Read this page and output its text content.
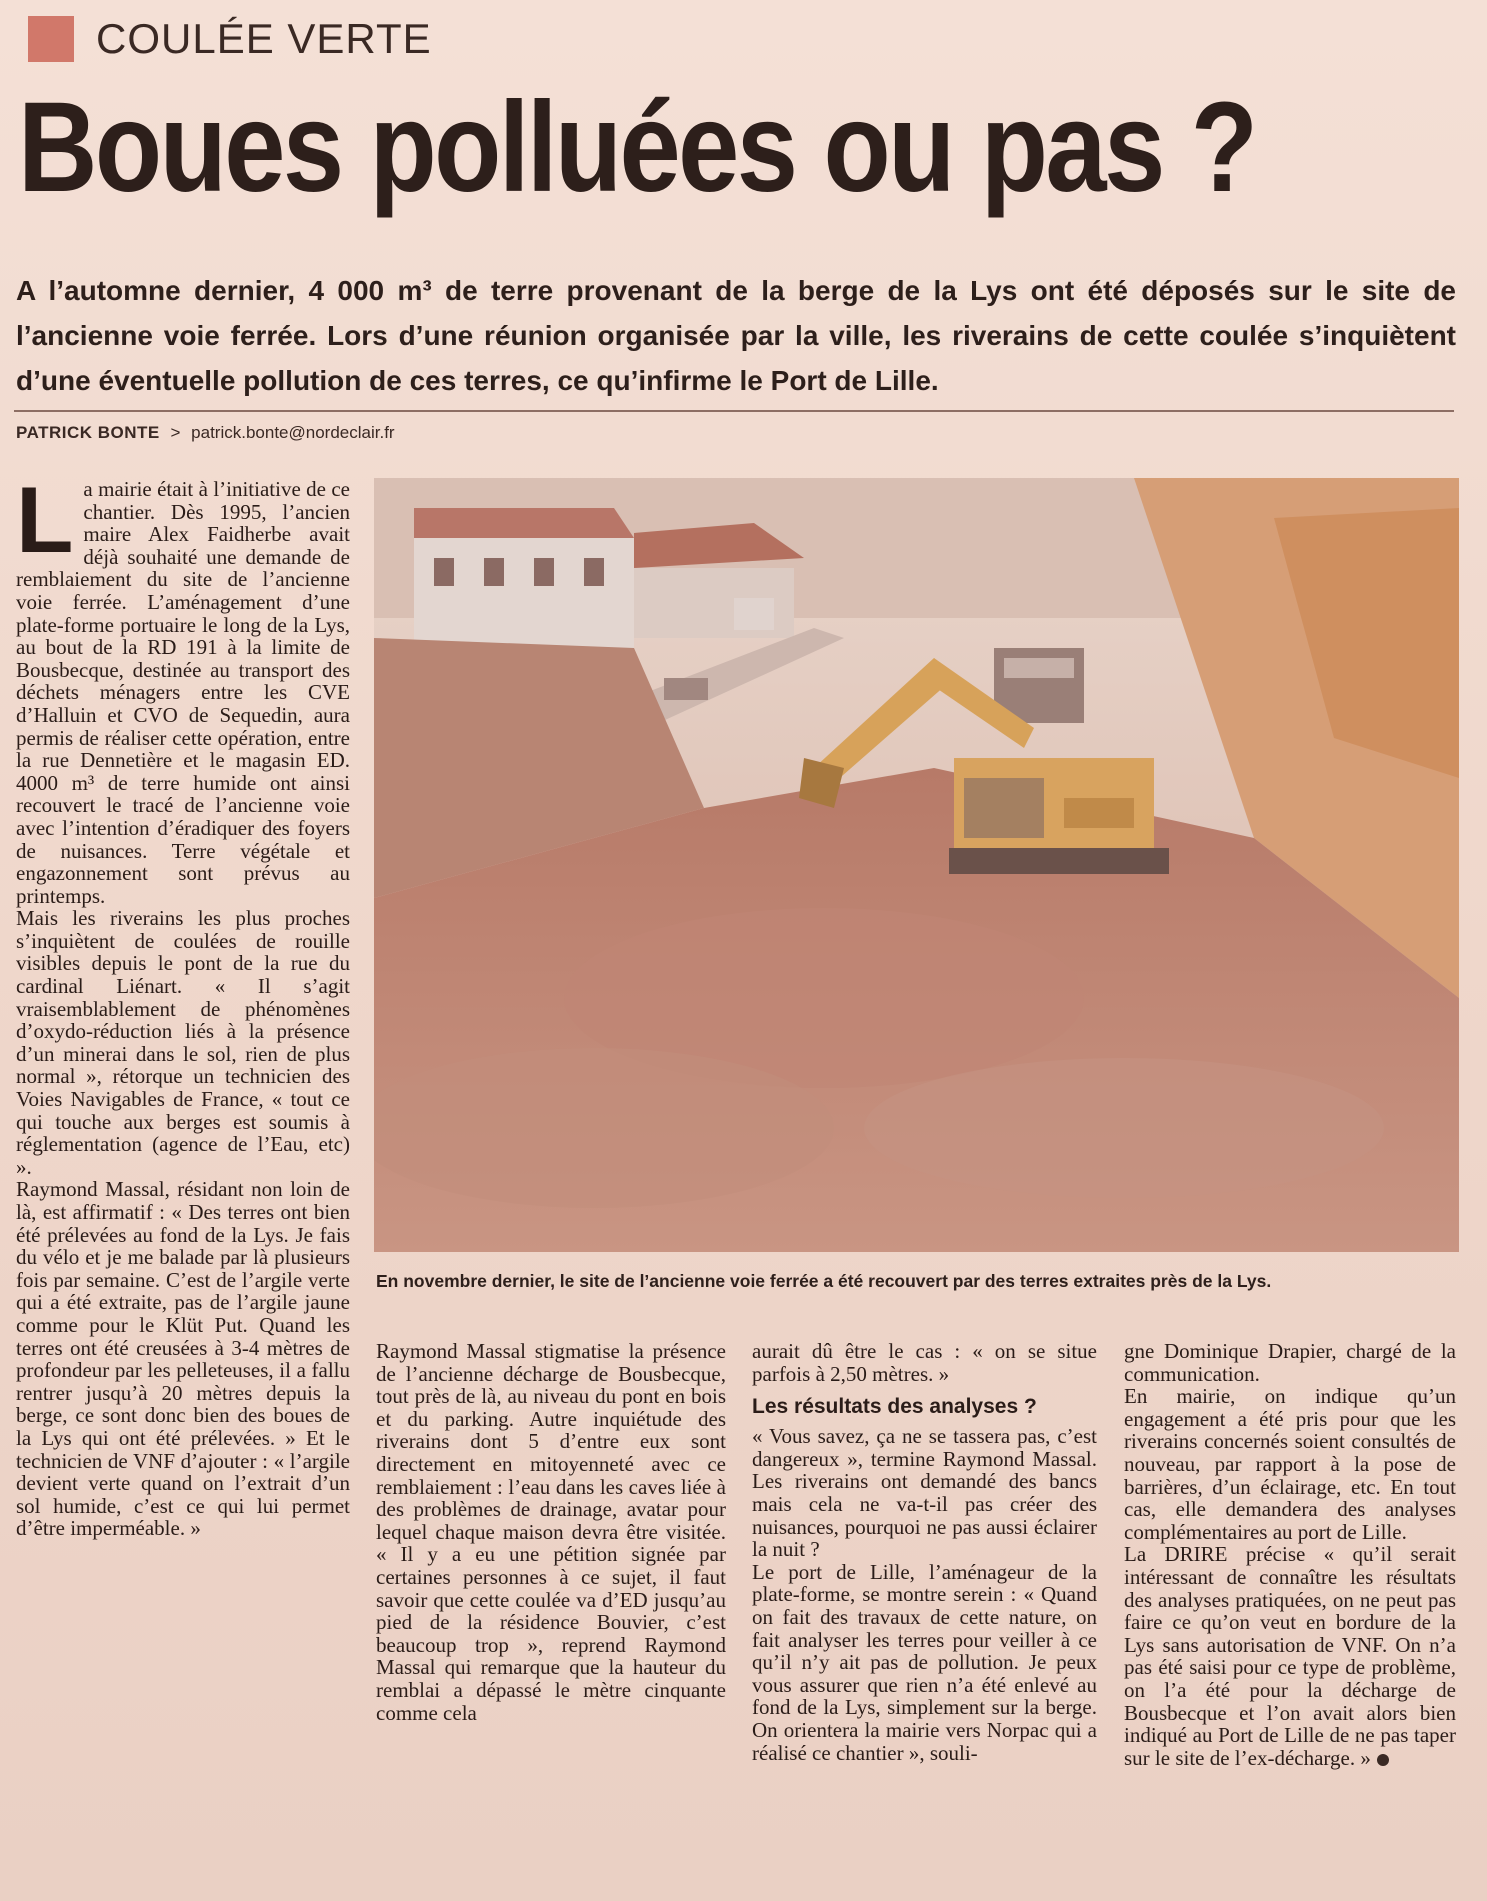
COULÉE VERTE
Boues polluées ou pas ?
A l’automne dernier, 4 000 m³ de terre provenant de la berge de la Lys ont été déposés sur le site de l’ancienne voie ferrée. Lors d’une réunion organisée par la ville, les riverains de cette coulée s’inquiètent d’une éventuelle pollution de ces terres, ce qu’infirme le Port de Lille.
PATRICK BONTE > patrick.bonte@nordeclair.fr
En novembre dernier, le site de l’ancienne voie ferrée a été recouvert par des terres extraites près de la Lys.

La mairie était à l’initiative de ce chantier. Dès 1995, l’ancien maire Alex Faidherbe avait déjà souhaité une demande de remblaiement du site de l’ancienne voie ferrée. L’aménagement d’une plate-forme portuaire le long de la Lys, au bout de la RD 191 à la limite de Bousbecque, destinée au transport des déchets ménagers entre les CVE d’Halluin et CVO de Sequedin, aura permis de réaliser cette opération, entre la rue Dennetière et le magasin ED. 4000 m³ de terre humide ont ainsi recouvert le tracé de l’ancienne voie avec l’intention d’éradiquer des foyers de nuisances. Terre végétale et engazonnement sont prévus au printemps.

Mais les riverains les plus proches s’inquiètent de coulées de rouille visibles depuis le pont de la rue du cardinal Liénart. « Il s’agit vraisemblablement de phénomènes d’oxydo-réduction liés à la présence d’un minerai dans le sol, rien de plus normal », rétorque un technicien des Voies Navigables de France, « tout ce qui touche aux berges est soumis à réglementation (agence de l’Eau, etc) ».

Raymond Massal, résidant non loin de là, est affirmatif : « Des terres ont bien été prélevées au fond de la Lys. Je fais du vélo et je me balade par là plusieurs fois par semaine. C’est de l’argile verte qui a été extraite, pas de l’argile jaune comme pour le Klüt Put. Quand les terres ont été creusées à 3-4 mètres de profondeur par les pelleteuses, il a fallu rentrer jusqu’à 20 mètres depuis la berge, ce sont donc bien des boues de la Lys qui ont été prélevées. » Et le technicien de VNF d’ajouter : « l’argile devient verte quand on l’extrait d’un sol humide, c’est ce qui lui permet d’être imperméable. »

Raymond Massal stigmatise la présence de l’ancienne décharge de Bousbecque, tout près de là, au niveau du pont en bois et du parking. Autre inquiétude des riverains dont 5 d’entre eux sont directement en mitoyenneté avec ce remblaiement : l’eau dans les caves liée à des problèmes de drainage, avatar pour lequel chaque maison devra être visitée. « Il y a eu une pétition signée par certaines personnes à ce sujet, il faut savoir que cette coulée va d’ED jusqu’au pied de la résidence Bouvier, c’est beaucoup trop », reprend Raymond Massal qui remarque que la hauteur du remblai a dépassé le mètre cinquante comme cela

aurait dû être le cas : « on se situe parfois à 2,50 mètres. »

Les résultats des analyses ?

« Vous savez, ça ne se tassera pas, c’est dangereux », termine Raymond Massal. Les riverains ont demandé des bancs mais cela ne va-t-il pas créer des nuisances, pourquoi ne pas aussi éclairer la nuit ?

Le port de Lille, l’aménageur de la plate-forme, se montre serein : « Quand on fait des travaux de cette nature, on fait analyser les terres pour veiller à ce qu’il n’y ait pas de pollution. Je peux vous assurer que rien n’a été enlevé au fond de la Lys, simplement sur la berge. On orientera la mairie vers Norpac qui a réalisé ce chantier », souli-

gne Dominique Drapier, chargé de la communication.

En mairie, on indique qu’un engagement a été pris pour que les riverains concernés soient consultés de nouveau, par rapport à la pose de barrières, d’un éclairage, etc. En tout cas, elle demandera des analyses complémentaires au port de Lille.

La DRIRE précise « qu’il serait intéressant de connaître les résultats des analyses pratiquées, on ne peut pas faire ce qu’on veut en bordure de la Lys sans autorisation de VNF. On n’a pas été saisi pour ce type de problème, on l’a été pour la décharge de Bousbecque et l’on avait alors bien indiqué au Port de Lille de ne pas taper sur le site de l’ex-décharge. »
